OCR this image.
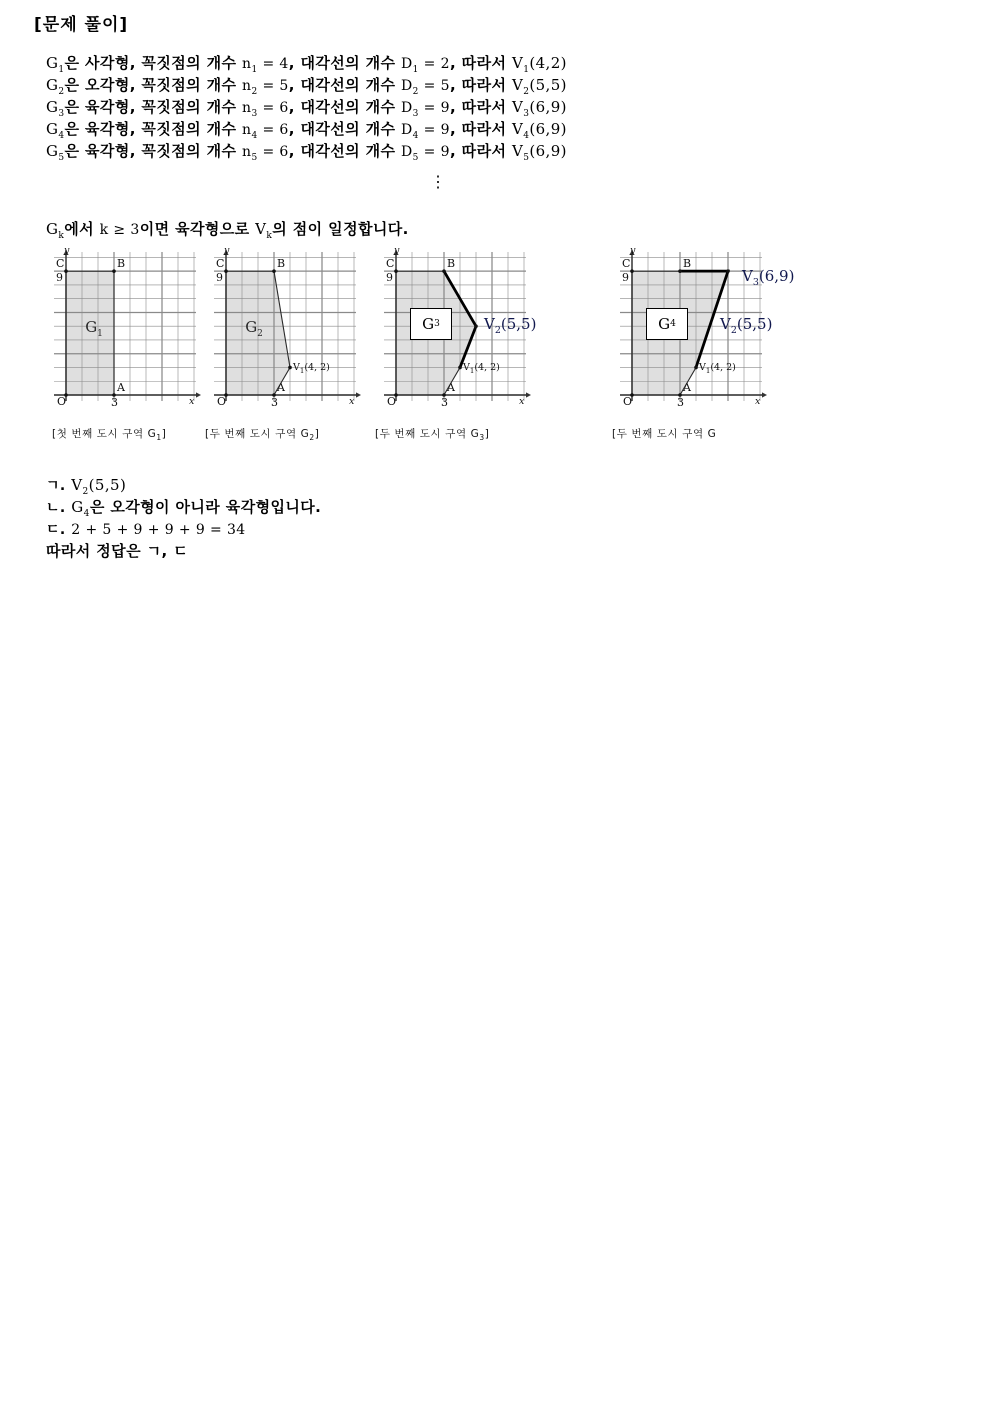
[문제 풀이]
$G_1$은 사각형, 꼭짓점의 개수 $n_1 = 4$, 대각선의 개수 $D_1 = 2$, 따라서 $V_1(4,2)$
$G_2$은 오각형, 꼭짓점의 개수 $n_2 = 5$, 대각선의 개수 $D_2 = 5$, 따라서 $V_2(5,5)$
$G_3$은 육각형, 꼭짓점의 개수 $n_3 = 6$, 대각선의 개수 $D_3 = 9$, 따라서 $V_3(6,9)$
$G_4$은 육각형, 꼭짓점의 개수 $n_4 = 6$, 대각선의 개수 $D_4 = 9$, 따라서 $V_4(6,9)$
$G_5$은 육각형, 꼭짓점의 개수 $n_5 = 6$, 대각선의 개수 $D_5 = 9$, 따라서 $V_5(6,9)$
⋮
$G_k$에서 k ≥ 3이면 육각형으로 $V_k$의 점이 일정합니다.
y
x
O	3
9
A
B
C
$G_1$
[첫 번째 도시 구역 $G_1$]
y
x
O	3
9
A
B
C
$V_1(4$, 2)
$G_2$
[두 번째 도시 구역 $G_2$]
y
x
O	3
9
A
B
C
$V_1(4$, 2)
$V_2(5,5)$
G 3
[두 번째 도시 구역 $G_3$]
y
x
O	3
9
A
B
C
$V_1(4$, 2)
$V_2(5,5)$
$V_3(6,9)$
G 4
[두 번째 도시 구역 G
ㄱ. $V_2(5,5)$
ㄴ. $G_4$은 오각형이 아니라 육각형입니다.
ㄷ. 2 + 5 + 9 + 9 + 9 = 34
따라서 정답은 ㄱ, ㄷ
